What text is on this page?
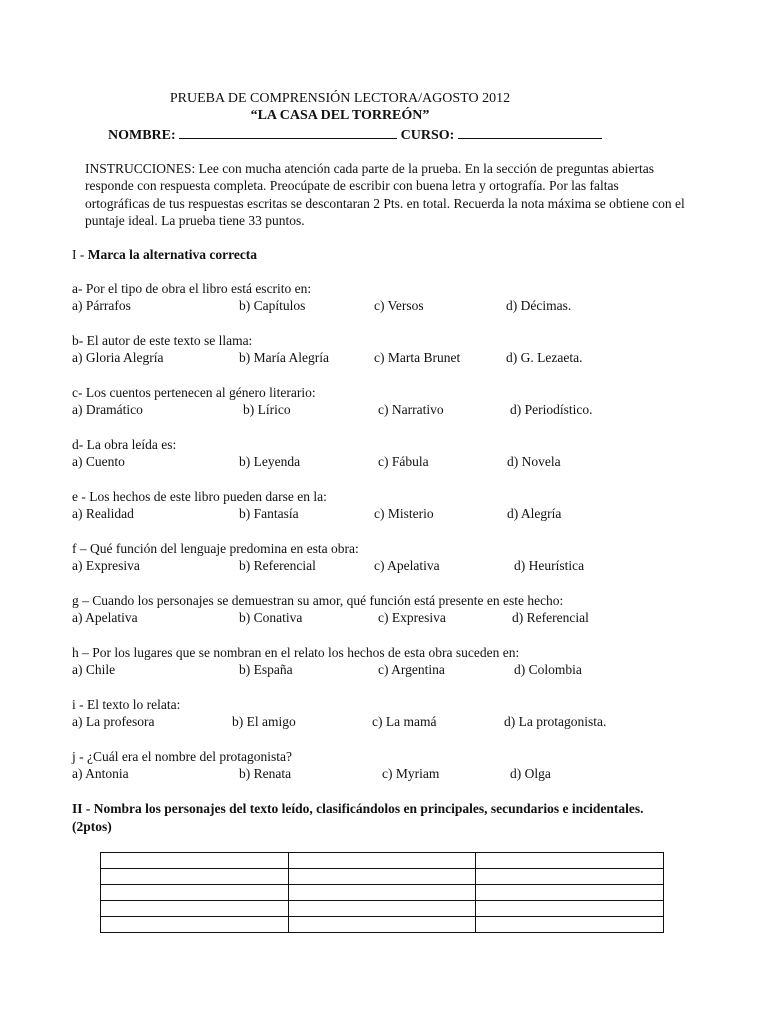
PRUEBA DE COMPRENSIÓN LECTORA/AGOSTO 2012
“LA CASA DEL TORREÓN”
NOMBRE:	CURSO:
INSTRUCCIONES: Lee con mucha atención cada parte de la prueba. En la sección de preguntas abiertas responde con respuesta completa. Preocúpate de escribir con buena letra y ortografía. Por las faltas ortográficas de tus respuestas escritas se descontaran 2 Pts. en total. Recuerda la nota máxima se obtiene con el puntaje ideal. La prueba tiene 33 puntos.
I - Marca la alternativa correcta
a- Por el tipo de obra el libro está escrito en:
a) Párrafos	b) Capítulos	c) Versos	d) Décimas.
b- El autor de este texto se llama:
a) Gloria Alegría	b) María Alegría	c) Marta Brunet	d) G. Lezaeta.
c- Los cuentos pertenecen al género literario:
a) Dramático	b) Lírico	c) Narrativo	d) Periodístico.
d- La obra leída es:
a) Cuento	b) Leyenda	c) Fábula	d) Novela
e - Los hechos de este libro pueden darse en la:
a) Realidad	b) Fantasía	c) Misterio	d) Alegría
f – Qué función del lenguaje predomina en esta obra:
a) Expresiva	b) Referencial	c) Apelativa	d) Heurística
g – Cuando los personajes se demuestran su amor, qué función está presente en este hecho:
a) Apelativa	b) Conativa	c) Expresiva	d) Referencial
h – Por los lugares que se nombran en el relato los hechos de esta obra suceden en:
a) Chile	b) España	c) Argentina	d) Colombia
i - El texto lo relata:
a) La profesora	b) El amigo	c) La mamá	d) La protagonista.
j - ¿Cuál era el nombre del protagonista?
a) Antonia	b) Renata	c) Myriam	d) Olga
II - Nombra los personajes del texto leído, clasificándolos en principales, secundarios e incidentales. (2ptos)
